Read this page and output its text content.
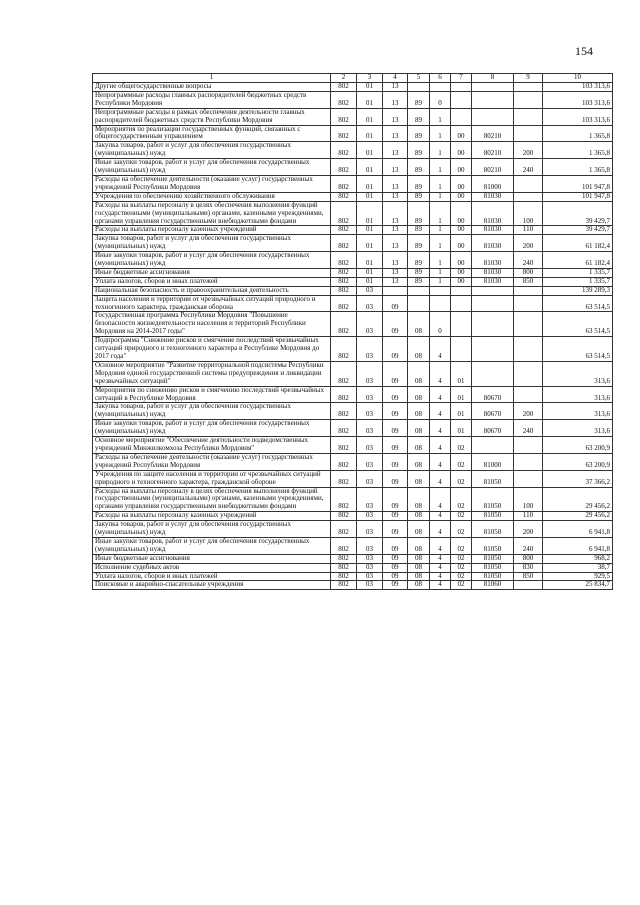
154
1	2	3	4	5	6	7	8	9	10
Другие общегосударственные вопросы	802	01	13						103 313,6
Непрограммные расходы главных распорядителей бюджетных средств Республики Мордовия	802	01	13	89	0				103 313,6
Непрограммные расходы в рамках обеспечения деятельности главных распорядителей бюджетных средств Республики Мордовия	802	01	13	89	1				103 313,6
Мероприятия по реализации государственных функций, связанных с общегосударственным управлением	802	01	13	89	1	00	80210		1 365,8
Закупка товаров, работ и услуг для обеспечения государственных (муниципальных) нужд	802	01	13	89	1	00	80210	200	1 365,8
Иные закупки товаров, работ и услуг для обеспечения государственных (муниципальных) нужд	802	01	13	89	1	00	80210	240	1 365,8
Расходы на обеспечение деятельности (оказание услуг) государственных учреждений Республики Мордовия	802	01	13	89	1	00	81000		101 947,8
Учреждения по обеспечению хозяйственного обслуживания	802	01	13	89	1	00	81030		101 947,8
Расходы на выплаты персоналу в целях обеспечения выполнения функций государственными (муниципальными) органами, казенными учреждениями, органами управления государственными внебюджетными фондами	802	01	13	89	1	00	81030	100	39 429,7
Расходы на выплаты персоналу казенных учреждений	802	01	13	89	1	00	81030	110	39 429,7
Закупка товаров, работ и услуг для обеспечения государственных (муниципальных) нужд	802	01	13	89	1	00	81030	200	61 182,4
Иные закупки товаров, работ и услуг для обеспечения государственных (муниципальных) нужд	802	01	13	89	1	00	81030	240	61 182,4
Иные бюджетные ассигнования	802	01	13	89	1	00	81030	800	1 335,7
Уплата налогов, сборов и иных платежей	802	01	13	89	1	00	81030	850	1 335,7
Национальная безопасность и правоохранительная деятельность	802	03							139 289,3
Защита населения и территории от чрезвычайных ситуаций природного и техногенного характера, гражданская оборона	802	03	09						63 514,5
Государственная программа Республики Мордовия "Повышение безопасности жизнедеятельности населения и территорий Республики Мордовия на 2014-2017 годы"	802	03	09	08	0				63 514,5
Подпрограмма "Снижение рисков и смягчение последствий чрезвычайных ситуаций природного и техногенного характера в Республике Мордовия до 2017 года"	802	03	09	08	4				63 514,5
Основное мероприятие "Развитие территориальной подсистемы Республики Мордовия единой государственной системы предупреждения и ликвидации чрезвычайных ситуаций"	802	03	09	08	4	01			313,6
Мероприятия по снижению рисков и смягчению последствий чрезвычайных ситуаций в Республике Мордовия	802	03	09	08	4	01	80670		313,6
Закупка товаров, работ и услуг для обеспечения государственных (муниципальных) нужд	802	03	09	08	4	01	80670	200	313,6
Иные закупки товаров, работ и услуг для обеспечения государственных (муниципальных) нужд	802	03	09	08	4	01	80670	240	313,6
Основное мероприятие "Обеспечение деятельности подведомственных учреждений Минжилкомхоза Республики Мордовия"	802	03	09	08	4	02			63 200,9
Расходы на обеспечение деятельности (оказание услуг) государственных учреждений Республики Мордовия	802	03	09	08	4	02	81000		63 200,9
Учреждения по защите населения и территории от чрезвычайных ситуаций природного и техногенного характера, гражданской обороне	802	03	09	08	4	02	81050		37 366,2
Расходы на выплаты персоналу в целях обеспечения выполнения функций государственными (муниципальными) органами, казенными учреждениями, органами управления государственными внебюджетными фондами	802	03	09	08	4	02	81050	100	29 456,2
Расходы на выплаты персоналу казенных учреждений	802	03	09	08	4	02	81050	110	29 456,2
Закупка товаров, работ и услуг для обеспечения государственных (муниципальных) нужд	802	03	09	08	4	02	81050	200	6 941,8
Иные закупки товаров, работ и услуг для обеспечения государственных (муниципальных) нужд	802	03	09	08	4	02	81050	240	6 941,8
Иные бюджетные ассигнования	802	03	09	08	4	02	81050	800	968,2
Исполнение судебных актов	802	03	09	08	4	02	81050	830	38,7
Уплата налогов, сборов и иных платежей	802	03	09	08	4	02	81050	850	929,5
Поисковые и аварийно-спасательные учреждения	802	03	09	08	4	02	81060		25 834,7
